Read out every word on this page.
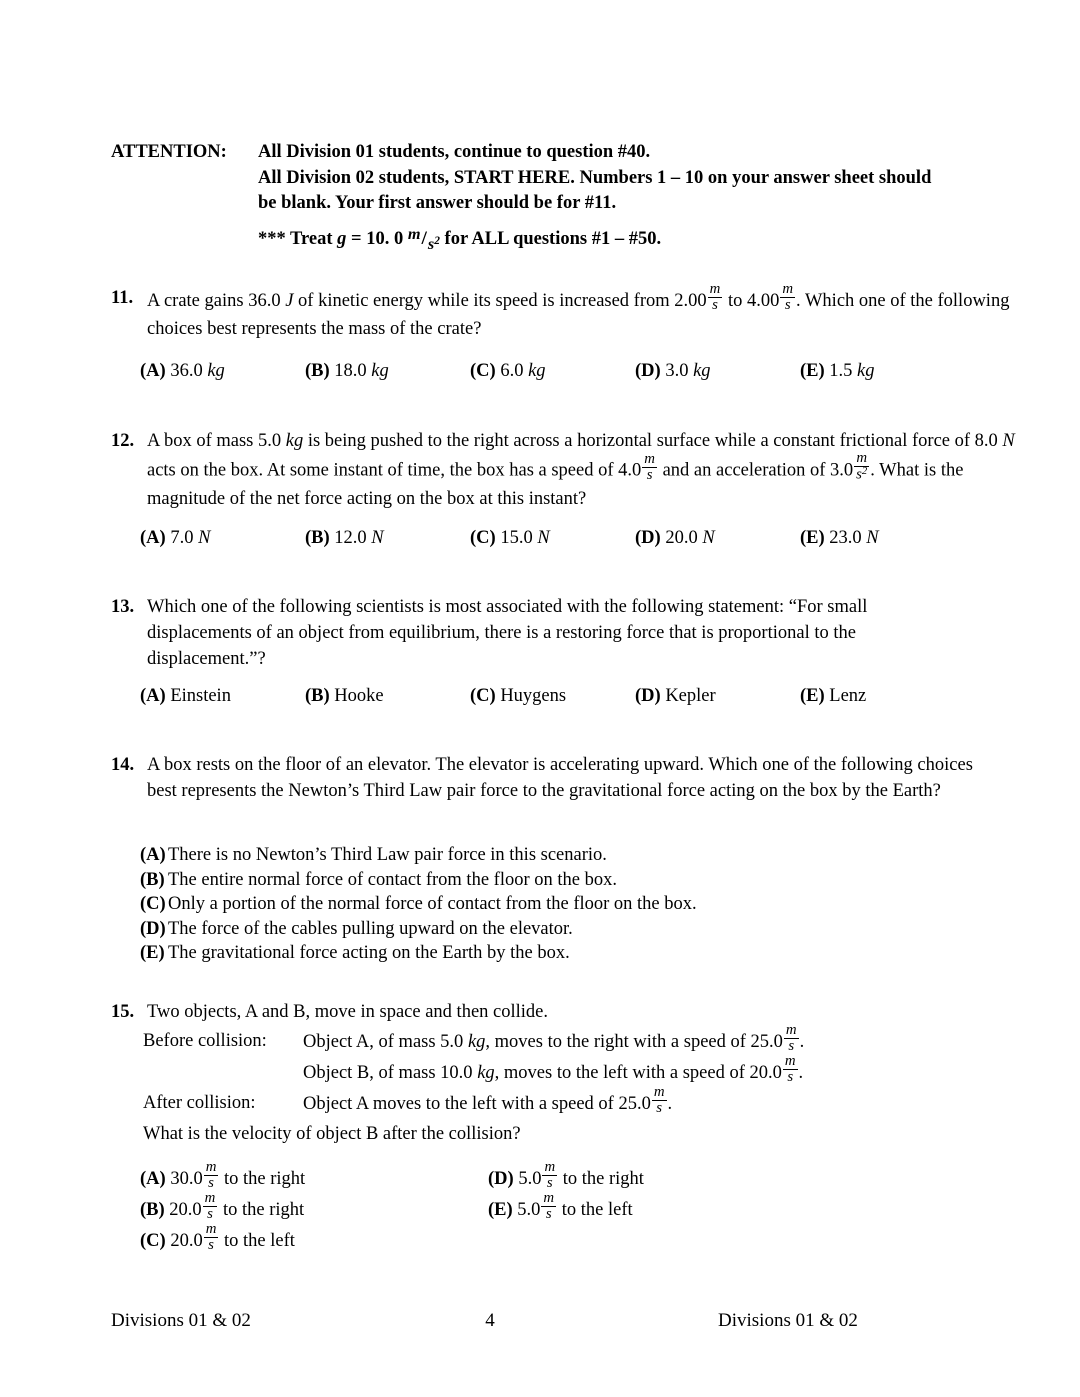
ATTENTION: All Division 01 students, continue to question #40.
All Division 02 students, START HERE. Numbers 1 – 10 on your answer sheet should
be blank. Your first answer should be for #11.
*** Treat g = 10. 0 $m/s^2$ for ALL questions #1 – #50.
11. A crate gains 36.0 J of kinetic energy while its speed is increased from $2.00 \frac{m}{s}$ to $4.00 \frac{m}{s}$ . Which one of the following choices best represents the mass of the crate?
(A) 36.0 kg	(B) 18.0 kg	(C) 6.0 kg	(D) 3.0 kg	(E) 1.5 kg
12. A box of mass 5.0 kg is being pushed to the right across a horizontal surface while a constant frictional force of 8.0 N acts on the box. At some instant of time, the box has a speed of $4.0 \frac{m}{s}$ and an acceleration of $3.0 \frac{m}{s^2}$ . What is the magnitude of the net force acting on the box at this instant?
(A) 7.0 N	(B) 12.0 N	(C) 15.0 N	(D) 20.0 N	(E) 23.0 N
13. Which one of the following scientists is most associated with the following statement: “For small displacements of an object from equilibrium, there is a restoring force that is proportional to the displacement.”?
(A) Einstein	(B) Hooke	(C) Huygens	(D) Kepler	(E) Lenz
14. A box rests on the floor of an elevator. The elevator is accelerating upward. Which one of the following choices best represents the Newton’s Third Law pair force to the gravitational force acting on the box by the Earth?
(A) There is no Newton’s Third Law pair force in this scenario.
(B) The entire normal force of contact from the floor on the box.
(C) Only a portion of the normal force of contact from the floor on the box.
(D) The force of the cables pulling upward on the elevator.
(E) The gravitational force acting on the Earth by the box.
15. Two objects, A and B, move in space and then collide.
Before collision: Object A, of mass 5.0 kg, moves to the right with a speed of $25.0 \frac{m}{s}$ .
Object B, of mass 10.0 kg, moves to the left with a speed of $20.0 \frac{m}{s}$ .
After collision:	Object A moves to the left with a speed of $25.0 \frac{m}{s}$ .
What is the velocity of object B after the collision?
(A) $30.0 \frac{m}{s}$ to the right
(B) $20.0 \frac{m}{s}$ to the right
(C) $20.0 \frac{m}{s}$ to the left
(D) $5.0 \frac{m}{s}$ to the right
(E) $5.0 \frac{m}{s}$ to the left
Divisions 01 & 02	4	Divisions 01 & 02
